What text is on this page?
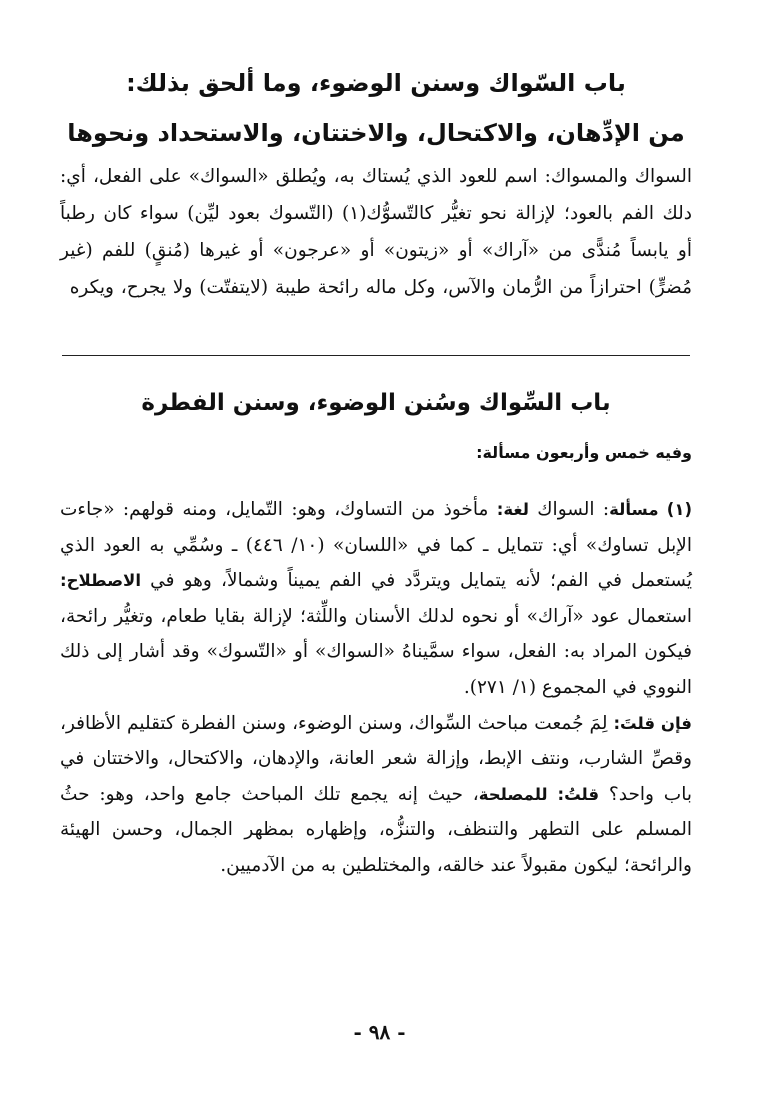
باب السّواك وسنن الوضوء، وما ألحق بذلك:
من الإدِّهان، والاكتحال، والاختتان، والاستحداد ونحوها

السواك والمسواك: اسم للعود الذي يُستاك به، ويُطلق «السواك» على الفعل، أي: دلك الفم بالعود؛ لإزالة نحو تغيُّر كالتّسوُّك(١) (التّسوك بعود ليِّن) سواء كان رطباً أو يابساً مُندًّى من «آراك» أو «زيتون» أو «عرجون» أو غيرها (مُنقٍ) للفم (غير مُضرٍّ) احترازاً من الرُّمان والآس، وكل ماله رائحة طيبة (لايتفتّت) ولا يجرح، ويكره

باب السِّواك وسُنن الوضوء، وسنن الفطرة
وفيه خمس وأربعون مسألة:

(١) مسألة: السواك لغة: مأخوذ من التساوك، وهو: التّمايل، ومنه قولهم: «جاءت الإبل تساوك» أي: تتمايل ـ كما في «اللسان» (١٠/ ٤٤٦) ـ وسُمِّي به العود الذي يُستعمل في الفم؛ لأنه يتمايل ويتردَّد في الفم يميناً وشمالاً، وهو في الاصطلاح: استعمال عود «آراك» أو نحوه لدلك الأسنان واللِّثة؛ لإزالة بقايا طعام، وتغيُّر رائحة، فيكون المراد به: الفعل، سواء سمَّيناهُ «السواك» أو «التّسوك» وقد أشار إلى ذلك النووي في المجموع (١/ ٢٧١).

فإن قلتَ: لِمَ جُمعت مباحث السِّواك، وسنن الوضوء، وسنن الفطرة كتقليم الأظافر، وقصِّ الشارب، ونتف الإبط، وإزالة شعر العانة، والإدهان، والاكتحال، والاختتان في باب واحد؟ قلتُ: للمصلحة، حيث إنه يجمع تلك المباحث جامع واحد، وهو: حثُ المسلم على التطهر والتنظف، والتنزُّه، وإظهاره بمظهر الجمال، وحسن الهيئة والرائحة؛ ليكون مقبولاً عند خالقه، والمختلطين به من الآدميين.

- ٩٨ -
